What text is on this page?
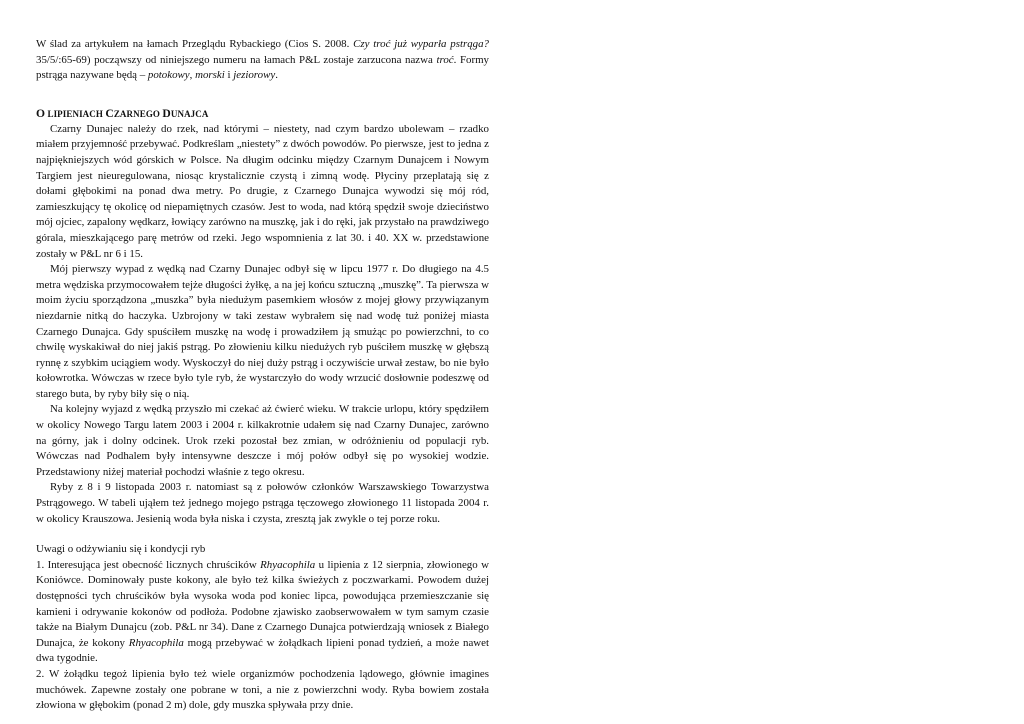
W ślad za artykułem na łamach Przeglądu Rybackiego (Cios S. 2008. Czy troć już wyparła pstrąga? 35/5/:65-69) począwszy od niniejszego numeru na łamach P&L zostaje zarzucona nazwa troć. Formy pstrąga nazywane będą – potokowy, morski i jeziorowy.

O LIPIENIACH CZARNEGO DUNAJCA

Czarny Dunajec należy do rzek, nad którymi – niestety, nad czym bardzo ubolewam – rzadko miałem przyjemność przebywać. Podkreślam „niestety” z dwóch powodów. Po pierwsze, jest to jedna z najpiękniejszych wód górskich w Polsce. Na długim odcinku między Czarnym Dunajcem i Nowym Targiem jest nieuregulowana, niosąc krystalicznie czystą i zimną wodę. Płyciny przeplatają się z dołami głębokimi na ponad dwa metry. Po drugie, z Czarnego Dunajca wywodzi się mój ród, zamieszkujący tę okolicę od niepamiętnych czasów. Jest to woda, nad którą spędził swoje dzieciństwo mój ojciec, zapalony wędkarz, łowiący zarówno na muszkę, jak i do ręki, jak przystało na prawdziwego górala, mieszkającego parę metrów od rzeki. Jego wspomnienia z lat 30. i 40. XX w. przedstawione zostały w P&L nr 6 i 15.

Mój pierwszy wypad z wędką nad Czarny Dunajec odbył się w lipcu 1977 r. Do długiego na 4.5 metra wędziska przymocowałem tejże długości żyłkę, a na jej końcu sztuczną „muszkę”. Ta pierwsza w moim życiu sporządzona „muszka” była niedużym pasemkiem włosów z mojej głowy przywiązanym niezdarnie nitką do haczyka. Uzbrojony w taki zestaw wybrałem się nad wodę tuż poniżej miasta Czarnego Dunajca. Gdy spuściłem muszkę na wodę i prowadziłem ją smużąc po powierzchni, to co chwilę wyskakiwał do niej jakiś pstrąg. Po złowieniu kilku niedużych ryb puściłem muszkę w głębszą rynnę z szybkim uciągiem wody. Wyskoczył do niej duży pstrąg i oczywiście urwał zestaw, bo nie było kołowrotka. Wówczas w rzece było tyle ryb, że wystarczyło do wody wrzucić dosłownie podeszwę od starego buta, by ryby biły się o nią.

Na kolejny wyjazd z wędką przyszło mi czekać aż ćwierć wieku. W trakcie urlopu, który spędziłem w okolicy Nowego Targu latem 2003 i 2004 r. kilkakrotnie udałem się nad Czarny Dunajec, zarówno na górny, jak i dolny odcinek. Urok rzeki pozostał bez zmian, w odróżnieniu od populacji ryb. Wówczas nad Podhalem były intensywne deszcze i mój połów odbył się po wysokiej wodzie. Przedstawiony niżej materiał pochodzi właśnie z tego okresu.

Ryby z 8 i 9 listopada 2003 r. natomiast są z połowów członków Warszawskiego Towarzystwa Pstrągowego. W tabeli ująłem też jednego mojego pstrąga tęczowego złowionego 11 listopada 2004 r. w okolicy Krauszowa. Jesienią woda była niska i czysta, zresztą jak zwykle o tej porze roku.

Uwagi o odżywianiu się i kondycji ryb

1. Interesująca jest obecność licznych chruścików Rhyacophila u lipienia z 12 sierpnia, złowionego w Koniówce. Dominowały puste kokony, ale było też kilka świeżych z poczwarkami. Powodem dużej dostępności tych chruścików była wysoka woda pod koniec lipca, powodująca przemieszczanie się kamieni i odrywanie kokonów od podłoża. Podobne zjawisko zaobserwowałem w tym samym czasie także na Białym Dunajcu (zob. P&L nr 34). Dane z Czarnego Dunajca potwierdzają wniosek z Białego Dunajca, że kokony Rhyacophila mogą przebywać w żołądkach lipieni ponad tydzień, a może nawet dwa tygodnie.

2. W żołądku tegoż lipienia było też wiele organizmów pochodzenia lądowego, głównie imagines muchówek. Zapewne zostały one pobrane w toni, a nie z powierzchni wody. Ryba bowiem została złowiona w głębokim (ponad 2 m) dole, gdy muszka spływała przy dnie.
